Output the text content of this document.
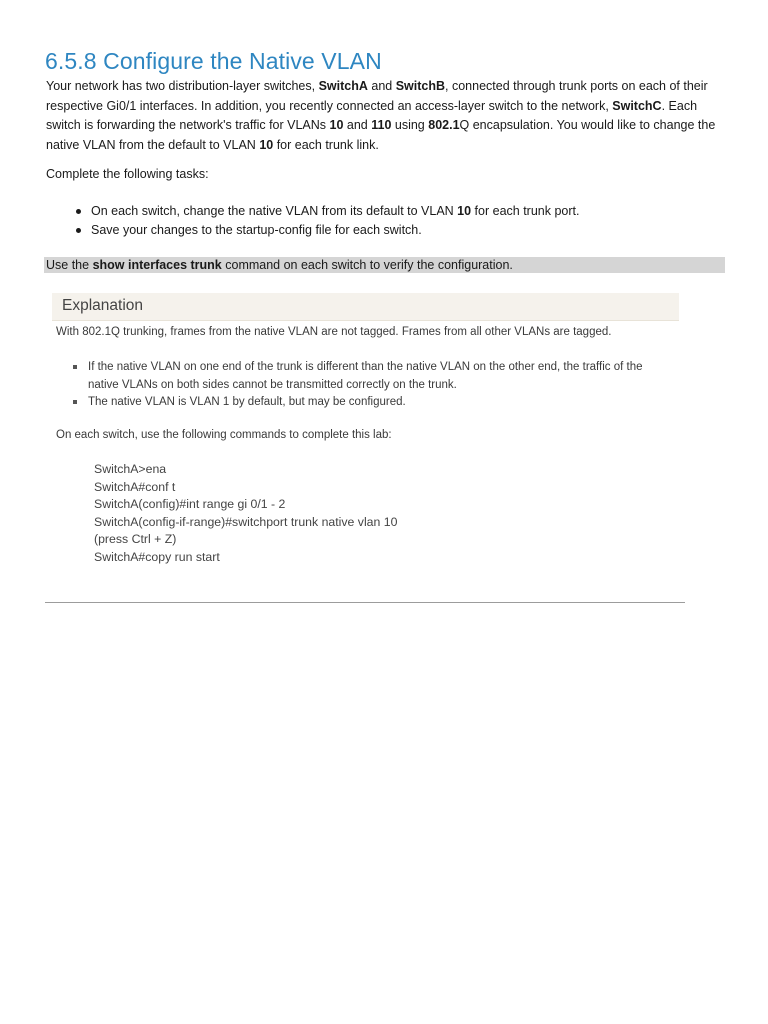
6.5.8 Configure the Native VLAN

Your network has two distribution-layer switches, SwitchA and SwitchB, connected through trunk ports on each of their respective Gi0/1 interfaces. In addition, you recently connected an access-layer switch to the network, SwitchC. Each switch is forwarding the network's traffic for VLANs 10 and 110 using 802.1Q encapsulation. You would like to change the native VLAN from the default to VLAN 10 for each trunk link.

Complete the following tasks:

On each switch, change the native VLAN from its default to VLAN 10 for each trunk port.
Save your changes to the startup-config file for each switch.
Use the show interfaces trunk command on each switch to verify the configuration.
Explanation

With 802.1Q trunking, frames from the native VLAN are not tagged. Frames from all other VLANs are tagged.

If the native VLAN on one end of the trunk is different than the native VLAN on the other end, the traffic of the native VLANs on both sides cannot be transmitted correctly on the trunk.
The native VLAN is VLAN 1 by default, but may be configured.

On each switch, use the following commands to complete this lab:

SwitchA>ena
SwitchA#conf t
SwitchA(config)#int range gi 0/1 - 2
SwitchA(config-if-range)#switchport trunk native vlan 10
(press Ctrl + Z)
SwitchA#copy run start
